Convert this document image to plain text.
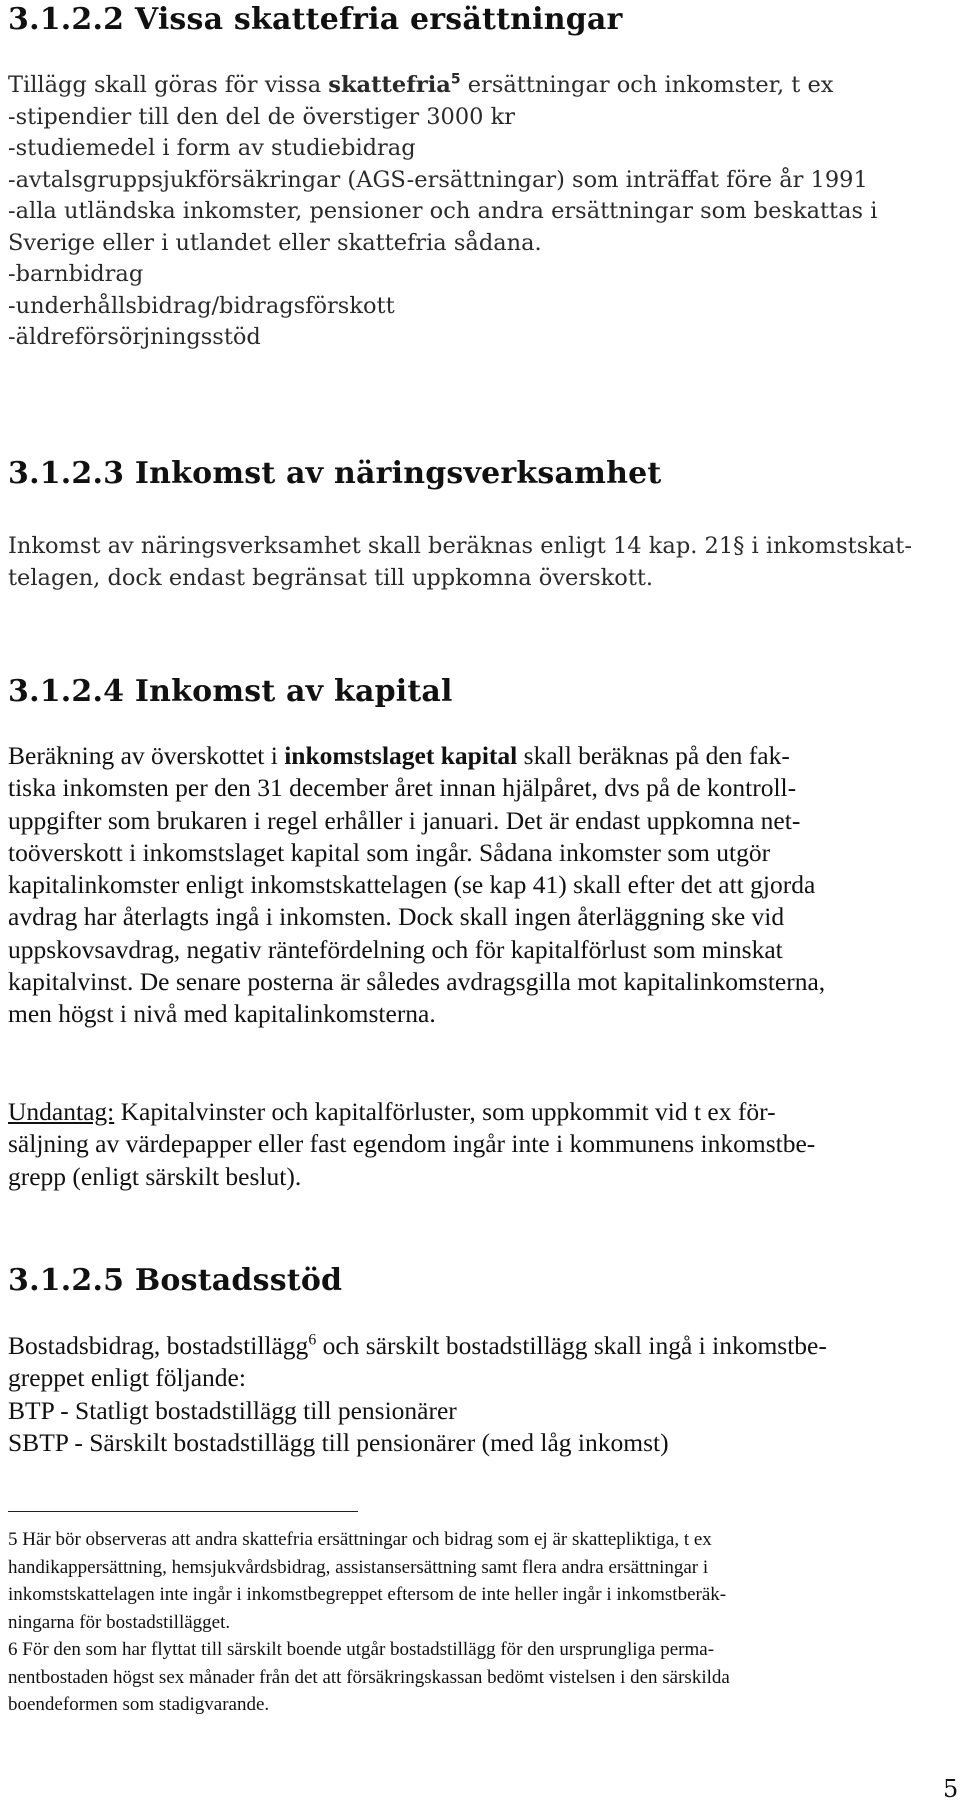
3.1.2.2 Vissa skattefria ersättningar
Tillägg skall göras för vissa skattefria$^5$ ersättningar och inkomster, t ex
-stipendier till den del de överstiger 3000 kr
-studiemedel i form av studiebidrag
-avtalsgruppsjukförsäkringar (AGS-ersättningar) som inträffat före år 1991
-alla utländska inkomster, pensioner och andra ersättningar som beskattas i
Sverige eller i utlandet eller skattefria sådana.
-barnbidrag
-underhållsbidrag/bidragsförskott
-äldreförsörjningsstöd
3.1.2.3 Inkomst av näringsverksamhet
Inkomst av näringsverksamhet skall beräknas enligt 14 kap. 21§ i inkomstskat-
telagen, dock endast begränsat till uppkomna överskott.
3.1.2.4 Inkomst av kapital
Beräkning av överskottet i inkomstslaget kapital skall beräknas på den fak-
tiska inkomsten per den 31 december året innan hjälpåret, dvs på de kontroll-
uppgifter som brukaren i regel erhåller i januari. Det är endast uppkomna net-
toöverskott i inkomstslaget kapital som ingår. Sådana inkomster som utgör
kapitalinkomster enligt inkomstskattelagen (se kap 41) skall efter det att gjorda
avdrag har återlagts ingå i inkomsten. Dock skall ingen återläggning ske vid
uppskovsavdrag, negativ räntefördelning och för kapitalförlust som minskat
kapitalvinst. De senare posterna är således avdragsgilla mot kapitalinkomsterna,
men högst i nivå med kapitalinkomsterna.
Undantag: Kapitalvinster och kapitalförluster, som uppkommit vid t ex för-
säljning av värdepapper eller fast egendom ingår inte i kommunens inkomstbe-
grepp (enligt särskilt beslut).
3.1.2.5 Bostadsstöd
Bostadsbidrag, bostadstillägg$^6$ och särskilt bostadstillägg skall ingå i inkomstbe-
greppet enligt följande:
BTP - Statligt bostadstillägg till pensionärer
SBTP - Särskilt bostadstillägg till pensionärer (med låg inkomst)
5 Här bör observeras att andra skattefria ersättningar och bidrag som ej är skattepliktiga, t ex
handikappersättning, hemsjukvårdsbidrag, assistansersättning samt flera andra ersättningar i
inkomstskattelagen inte ingår i inkomstbegreppet eftersom de inte heller ingår i inkomstberäk-
ningarna för bostadstillägget.
6 För den som har flyttat till särskilt boende utgår bostadstillägg för den ursprungliga perma-
nentbostaden högst sex månader från det att försäkringskassan bedömt vistelsen i den särskilda
boendeformen som stadigvarande.
5
